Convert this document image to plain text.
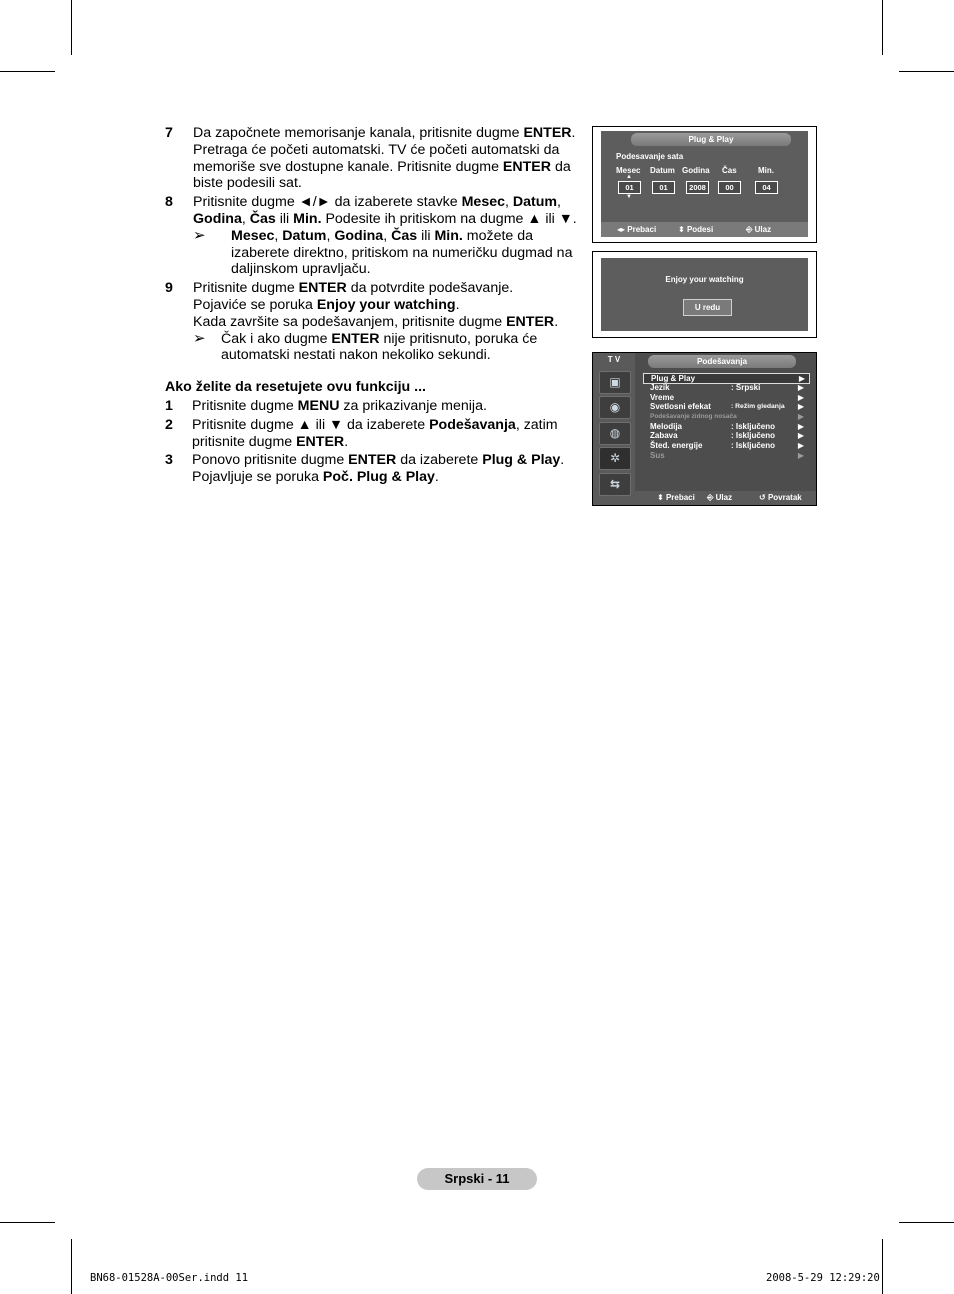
7 Da započnete memorisanje kanala, pritisnite dugme ENTER. Pretraga će početi automatski. TV će početi automatski da memoriše sve dostupne kanale. Pritisnite dugme ENTER da biste podesili sat.

8 Pritisnite dugme ◄/► da izaberete stavke Mesec, Datum, Godina, Čas ili Min. Podesite ih pritiskom na dugme ▲ ili ▼.

➢ Mesec, Datum, Godina, Čas ili Min. možete da izaberete direktno, pritiskom na numeričku dugmad na daljinskom upravljaču.

9 Pritisnite dugme ENTER da potvrdite podešavanje.
Pojaviće se poruka Enjoy your watching.
Kada završite sa podešavanjem, pritisnite dugme ENTER.

➢ Čak i ako dugme ENTER nije pritisnuto, poruka će automatski nestati nakon nekoliko sekundi.

Ako želite da resetujete ovu funkciju ...
1 Pritisnite dugme MENU za prikazivanje menija.

2 Pritisnite dugme ▲ ili ▼ da izaberete Podešavanja, zatim pritisnite dugme ENTER.

3 Ponovo pritisnite dugme ENTER da izaberete Plug & Play.
Pojavljuje se poruka Poč. Plug & Play.

Plug & Play
Podesavanje sata
Mesec Datum Godina Čas	Min.
▲
01	01	2008	00	04
▼
◂▸ Prebaci	⬍ Podesi	⎆ Ulaz
Enjoy your watching
U redu
T V
▣
◉
◍
✲
⇆
Podešavanja
Plug & Play	▶
Jezik	: Srpski	▶
Vreme	▶
Svetlosni efekat	: Režim gledanja ▶
Podešavanje zidnog nosača	▶
Melodija	: Isključeno	▶
Zabava	: Isključeno	▶
Šted. energije	: Isključeno	▶
Sus	▶
⬍ Prebaci ⎆ Ulaz	↺ Povratak
Srpski - 11
BN68-01528A-00Ser.indd 11	2008-5-29 12:29:20
